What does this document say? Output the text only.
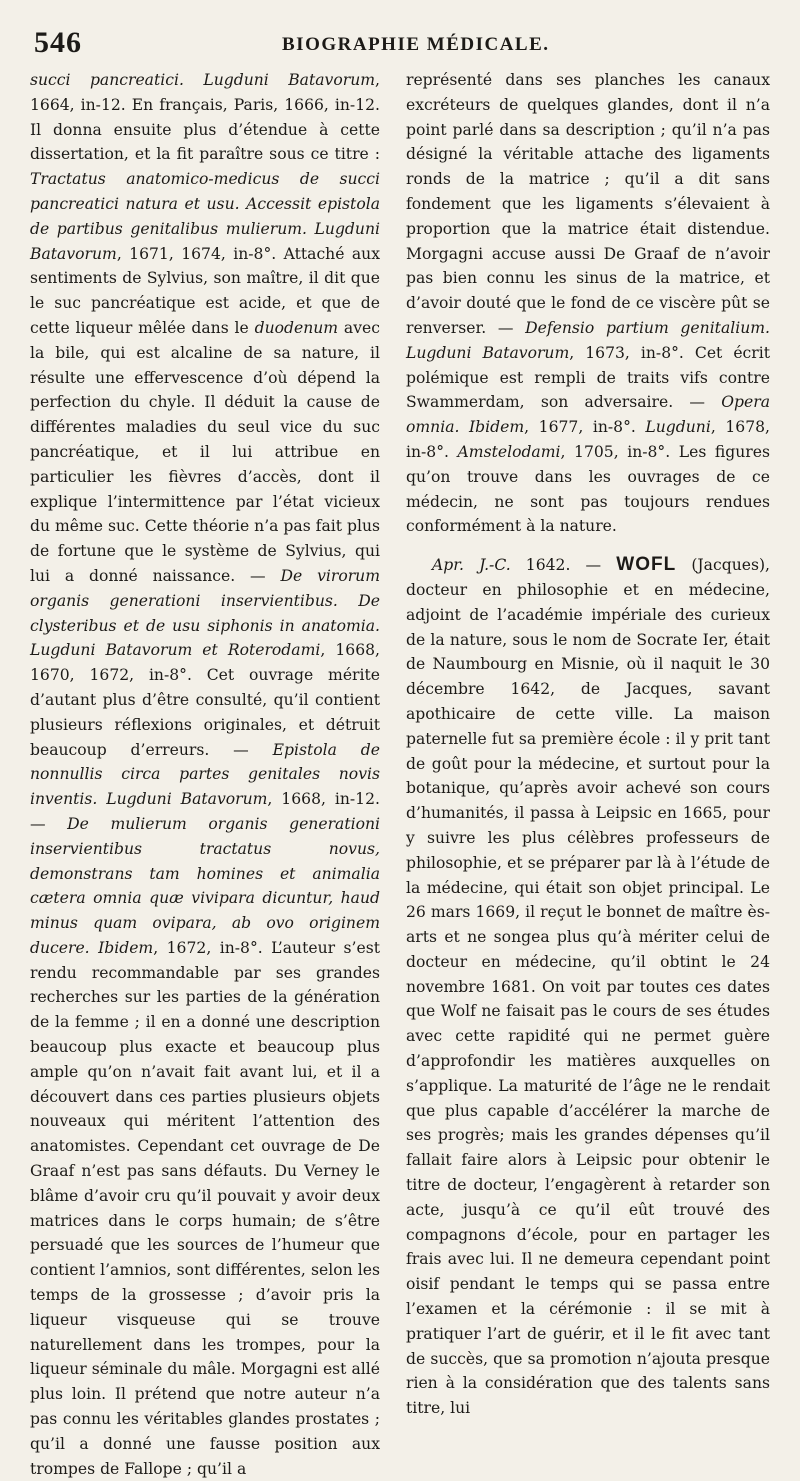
546	BIOGRAPHIE MÉDICALE.

succi pancreatici. Lugduni Batavorum, 1664, in-12. En français, Paris, 1666, in-12. Il donna ensuite plus d’étendue à cette dissertation, et la fit paraître sous ce titre : Tractatus anatomico-medicus de succi pancreatici natura et usu. Accessit epistola de partibus genitalibus mulierum. Lugduni Batavorum, 1671, 1674, in-8°. Attaché aux sentiments de Sylvius, son maître, il dit que le suc pancréatique est acide, et que de cette liqueur mêlée dans le duodenum avec la bile, qui est alcaline de sa nature, il résulte une effervescence d’où dépend la perfection du chyle. Il déduit la cause de différentes maladies du seul vice du suc pancréatique, et il lui attribue en particulier les fièvres d’accès, dont il explique l’intermittence par l’état vicieux du même suc. Cette théorie n’a pas fait plus de fortune que le système de Sylvius, qui lui a donné naissance. — De virorum organis generationi inservientibus. De clysteribus et de usu siphonis in anatomia. Lugduni Batavorum et Roterodami, 1668, 1670, 1672, in-8°. Cet ouvrage mérite d’autant plus d’être consulté, qu’il contient plusieurs réflexions originales, et détruit beaucoup d’erreurs. — Epistola de nonnullis circa partes genitales novis inventis. Lugduni Batavorum, 1668, in-12. — De mulierum organis generationi inservientibus tractatus novus, demonstrans tam homines et animalia cætera omnia quæ vivipara dicuntur, haud minus quam ovipara, ab ovo originem ducere. Ibidem, 1672, in-8°. L’auteur s’est rendu recommandable par ses grandes recherches sur les parties de la génération de la femme ; il en a donné une description beaucoup plus exacte et beaucoup plus ample qu’on n’avait fait avant lui, et il a découvert dans ces parties plusieurs objets nouveaux qui méritent l’attention des anatomistes. Cependant cet ouvrage de De Graaf n’est pas sans défauts. Du Verney le blâme d’avoir cru qu’il pouvait y avoir deux matrices dans le corps humain; de s’être persuadé que les sources de l’humeur que contient l’amnios, sont différentes, selon les temps de la grossesse ; d’avoir pris la liqueur visqueuse qui se trouve naturellement dans les trompes, pour la liqueur séminale du mâle. Morgagni est allé plus loin. Il prétend que notre auteur n’a pas connu les véritables glandes prostates ; qu’il a donné une fausse position aux trompes de Fallope ; qu’il a

représenté dans ses planches les canaux excréteurs de quelques glandes, dont il n’a point parlé dans sa description ; qu’il n’a pas désigné la véritable attache des ligaments ronds de la matrice ; qu’il a dit sans fondement que les ligaments s’élevaient à proportion que la matrice était distendue. Morgagni accuse aussi De Graaf de n’avoir pas bien connu les sinus de la matrice, et d’avoir douté que le fond de ce viscère pût se renverser. — Defensio partium genitalium. Lugduni Batavorum, 1673, in-8°. Cet écrit polémique est rempli de traits vifs contre Swammerdam, son adversaire. — Opera omnia. Ibidem, 1677, in-8°. Lugduni, 1678, in-8°. Amstelodami, 1705, in-8°. Les figures qu’on trouve dans les ouvrages de ce médecin, ne sont pas toujours rendues conformément à la nature.

Apr. J.-C. 1642. — WOFL (Jacques), docteur en philosophie et en médecine, adjoint de l’académie impériale des curieux de la nature, sous le nom de Socrate Ier, était de Naumbourg en Misnie, où il naquit le 30 décembre 1642, de Jacques, savant apothicaire de cette ville. La maison paternelle fut sa première école : il y prit tant de goût pour la médecine, et surtout pour la botanique, qu’après avoir achevé son cours d’humanités, il passa à Leipsic en 1665, pour y suivre les plus célèbres professeurs de philosophie, et se préparer par là à l’étude de la médecine, qui était son objet principal. Le 26 mars 1669, il reçut le bonnet de maître ès-arts et ne songea plus qu’à mériter celui de docteur en médecine, qu’il obtint le 24 novembre 1681. On voit par toutes ces dates que Wolf ne faisait pas le cours de ses études avec cette rapidité qui ne permet guère d’approfondir les matières auxquelles on s’applique. La maturité de l’âge ne le rendait que plus capable d’accélérer la marche de ses progrès; mais les grandes dépenses qu’il fallait faire alors à Leipsic pour obtenir le titre de docteur, l’engagèrent à retarder son acte, jusqu’à ce qu’il eût trouvé des compagnons d’école, pour en partager les frais avec lui. Il ne demeura cependant point oisif pendant le temps qui se passa entre l’examen et la cérémonie : il se mit à pratiquer l’art de guérir, et il le fit avec tant de succès, que sa promotion n’ajouta presque rien à la considération que des talents sans titre, lui
